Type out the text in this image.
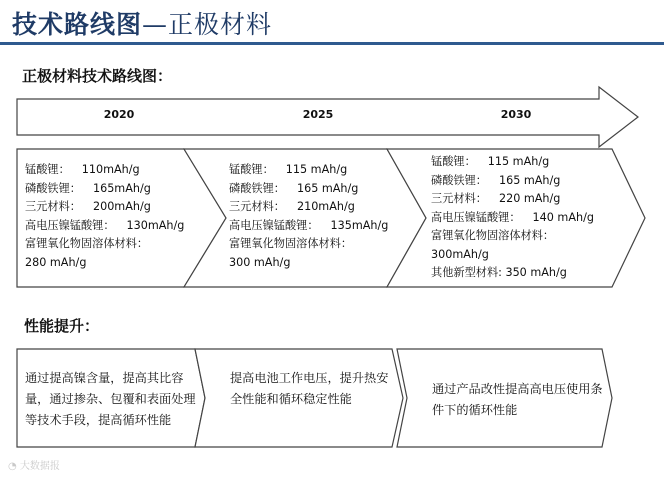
技术路线图—正极材料
正极材料技术路线图：
2020	2025	2030
锰酸锂： 110mAh/g
磷酸铁锂： 165mAh/g
三元材料： 200mAh/g
高电压镍锰酸锂： 130mAh/g
富锂氧化物固溶体材料：
280 mAh/g
锰酸锂： 115 mAh/g
磷酸铁锂： 165 mAh/g
三元材料： 210mAh/g
高电压镍锰酸锂： 135mAh/g
富锂氧化物固溶体材料：
300 mAh/g
锰酸锂： 115 mAh/g
磷酸铁锂： 165 mAh/g
三元材料： 220 mAh/g
高电压镍锰酸锂： 140 mAh/g
富锂氧化物固溶体材料：
300mAh/g
其他新型材料: 350 mAh/g
性能提升：
通过提高镍含量，提高其比容量，通过掺杂、包覆和表面处理等技术手段，提高循环性能
提高电池工作电压，提升热安全性能和循环稳定性能
通过产品改性提高高电压使用条件下的循环性能
◔ 大数据报
